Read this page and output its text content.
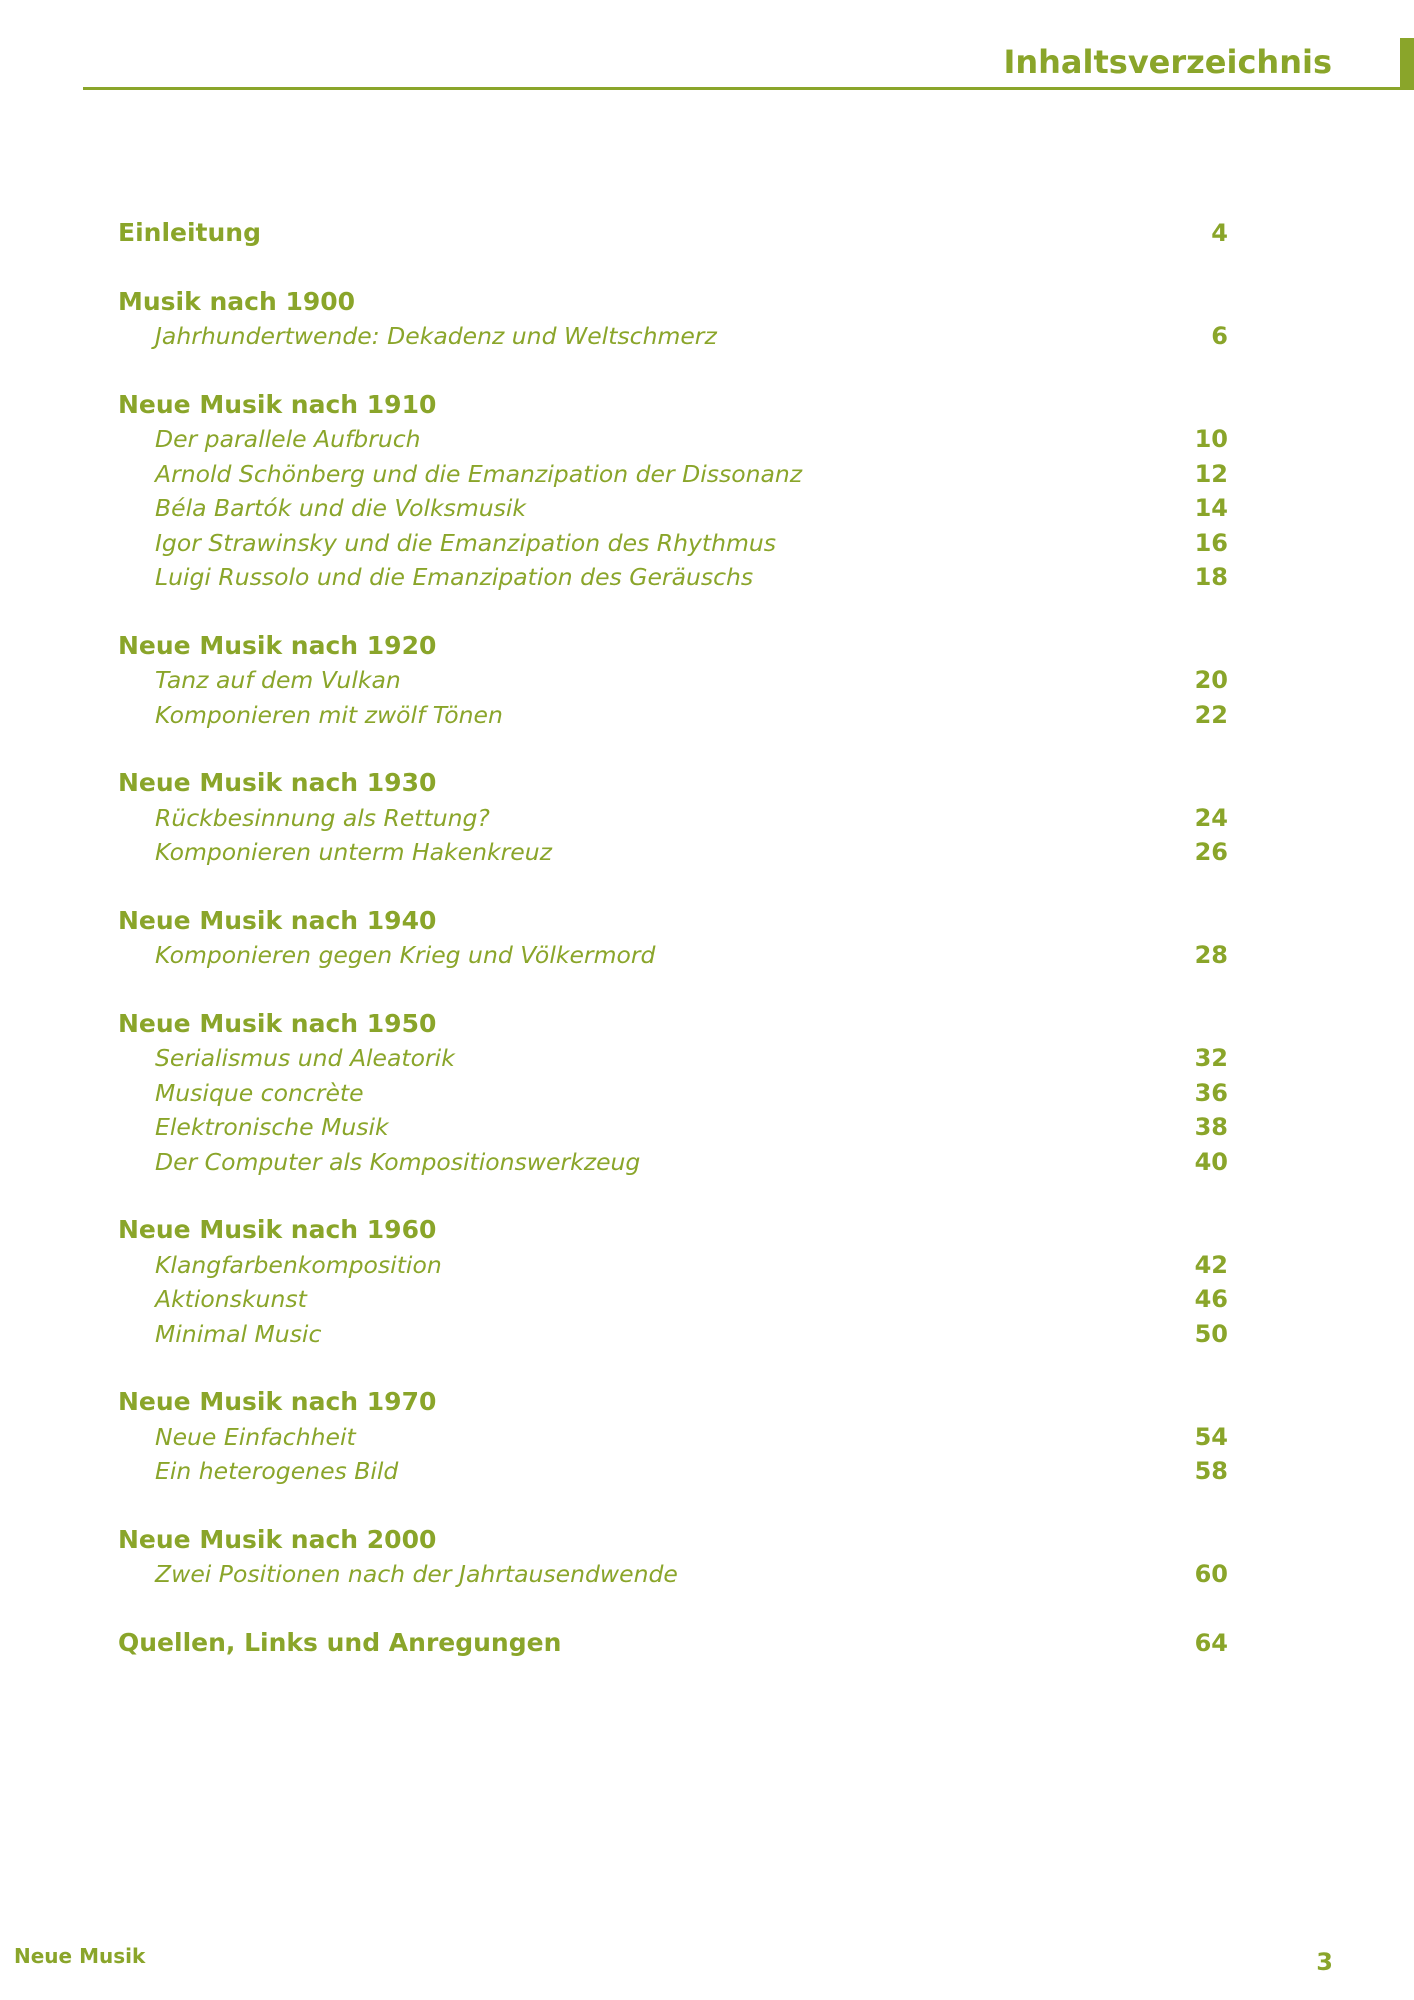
Inhaltsverzeichnis
Einleitung	4
Musik nach 1900
Jahrhundertwende: Dekadenz und Weltschmerz	6
Neue Musik nach 1910
Der parallele Aufbruch	10
Arnold Schönberg und die Emanzipation der Dissonanz	12
Béla Bartók und die Volksmusik	14
Igor Strawinsky und die Emanzipation des Rhythmus	16
Luigi Russolo und die Emanzipation des Geräuschs	18
Neue Musik nach 1920
Tanz auf dem Vulkan	20
Komponieren mit zwölf Tönen	22
Neue Musik nach 1930
Rückbesinnung als Rettung?	24
Komponieren unterm Hakenkreuz	26
Neue Musik nach 1940
Komponieren gegen Krieg und Völkermord	28
Neue Musik nach 1950
Serialismus und Aleatorik	32
Musique concrète	36
Elektronische Musik	38
Der Computer als Kompositionswerkzeug	40
Neue Musik nach 1960
Klangfarbenkomposition	42
Aktionskunst	46
Minimal Music	50
Neue Musik nach 1970
Neue Einfachheit	54
Ein heterogenes Bild	58
Neue Musik nach 2000
Zwei Positionen nach der Jahrtausendwende	60
Quellen, Links und Anregungen	64
Neue Musik	3
